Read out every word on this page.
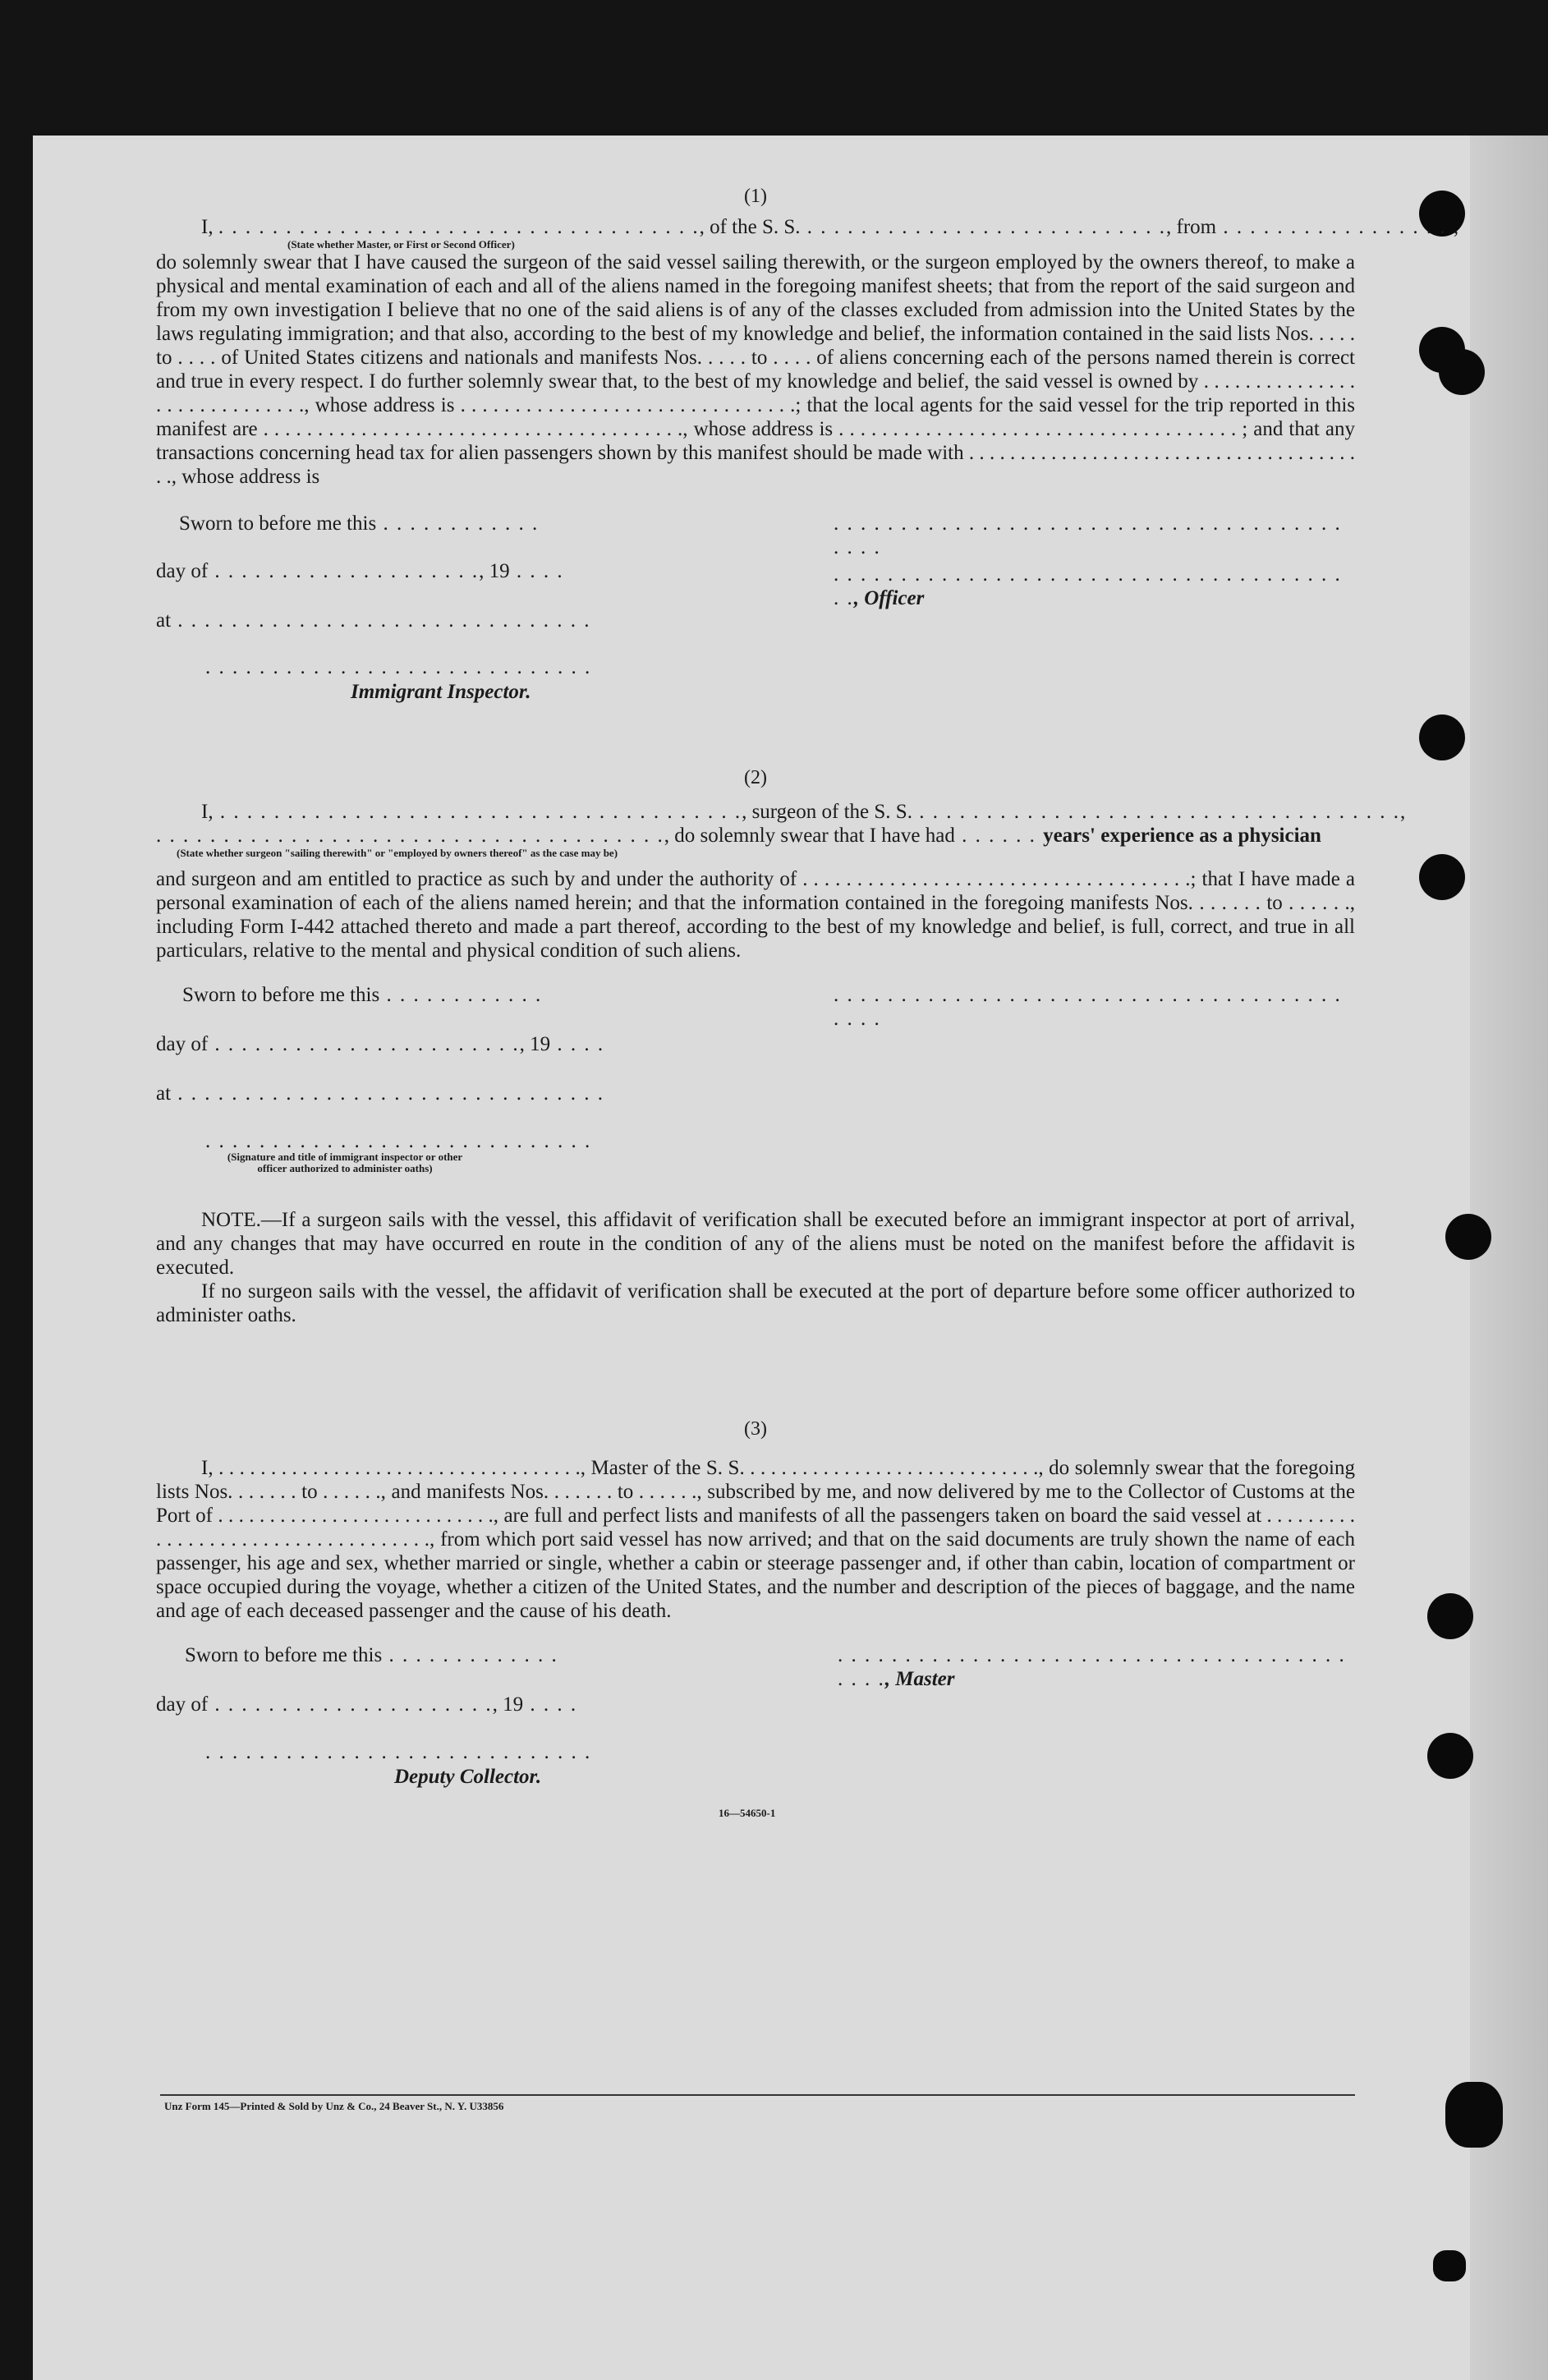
(1)
I, . . . . . . . . . . . . . . . . . . . . . . . . . . . . . . . . . . . ., of the S. S. . . . . . . . . . . . . . . . . . . . . . . . . . . ., from . . . . . . . . . . . . . . . . . ,
(State whether Master, or First or Second Officer)

do solemnly swear that I have caused the surgeon of the said vessel sailing therewith, or the surgeon employed by the owners thereof, to make a physical and mental examination of each and all of the aliens named in the foregoing manifest sheets; that from the report of the said surgeon and from my own investigation I believe that no one of the said aliens is of any of the classes excluded from admission into the United States by the laws regulating immigration; and that also, according to the best of my knowledge and belief, the information contained in the said lists Nos. . . . . to . . . . of United States citizens and nationals and manifests Nos. . . . . to . . . . of aliens concerning each of the persons named therein is correct and true in every respect. I do further solemnly swear that, to the best of my knowledge and belief, the said vessel is owned by . . . . . . . . . . . . . . . . . . . . . . . . . . . . ., whose address is . . . . . . . . . . . . . . . . . . . . . . . . . . . . . . .; that the local agents for the said vessel for the trip reported in this manifest are . . . . . . . . . . . . . . . . . . . . . . . . . . . . . . . . . . . . . . ., whose address is . . . . . . . . . . . . . . . . . . . . . . . . . . . . . . . . . . . . . ; and that any transactions concerning head tax for alien passengers shown by this manifest should be made with . . . . . . . . . . . . . . . . . . . . . . . . . . . . . . . . . . . . . . . ., whose address is

Sworn to before me this . . . . . . . . . . . .
day of . . . . . . . . . . . . . . . . . . . ., 19 . . . .
at . . . . . . . . . . . . . . . . . . . . . . . . . . . . . . .
. . . . . . . . . . . . . . . . . . . . . . . . . . . . .
Immigrant Inspector.
. . . . . . . . . . . . . . . . . . . . . . . . . . . . . . . . . . . . . . . . . .
. . . . . . . . . . . . . . . . . . . . . . . . . . . . . . . . . . . . . . . ., Officer
(2)
I, . . . . . . . . . . . . . . . . . . . . . . . . . . . . . . . . . . . . . . ., surgeon of the S. S. . . . . . . . . . . . . . . . . . . . . . . . . . . . . . . . . . . . .,
. . . . . . . . . . . . . . . . . . . . . . . . . . . . . . . . . . . . . ., do solemnly swear that I have had . . . . . . years' experience as a physician
(State whether surgeon "sailing therewith" or "employed by owners thereof" as the case may be)

and surgeon and am entitled to practice as such by and under the authority of . . . . . . . . . . . . . . . . . . . . . . . . . . . . . . . . . . . .; that I have made a personal examination of each of the aliens named herein; and that the information contained in the foregoing manifests Nos. . . . . . . to . . . . . ., including Form I-442 attached thereto and made a part thereof, according to the best of my knowledge and belief, is full, correct, and true in all particulars, relative to the mental and physical condition of such aliens.

Sworn to before me this . . . . . . . . . . . .	. . . . . . . . . . . . . . . . . . . . . . . . . . . . . . . . . . . . . . . . . .
day of . . . . . . . . . . . . . . . . . . . . . . ., 19 . . . .
at . . . . . . . . . . . . . . . . . . . . . . . . . . . . . . . .
. . . . . . . . . . . . . . . . . . . . . . . . . . . . .
(Signature and title of immigrant inspector or other officer authorized to administer oaths)

NOTE.—If a surgeon sails with the vessel, this affidavit of verification shall be executed before an immigrant inspector at port of arrival, and any changes that may have occurred en route in the condition of any of the aliens must be noted on the manifest before the affidavit is executed.

If no surgeon sails with the vessel, the affidavit of verification shall be executed at the port of departure before some officer authorized to administer oaths.

(3)

I, . . . . . . . . . . . . . . . . . . . . . . . . . . . . . . . . . . ., Master of the S. S. . . . . . . . . . . . . . . . . . . . . . . . . . . . ., do solemnly swear that the foregoing lists Nos. . . . . . . to . . . . . ., and manifests Nos. . . . . . . to . . . . . ., subscribed by me, and now delivered by me to the Collector of Customs at the Port of . . . . . . . . . . . . . . . . . . . . . . . . . . ., are full and perfect lists and manifests of all the passengers taken on board the said vessel at . . . . . . . . . . . . . . . . . . . . . . . . . . . . . . . . . . ., from which port said vessel has now arrived; and that on the said documents are truly shown the name of each passenger, his age and sex, whether married or single, whether a cabin or steerage passenger and, if other than cabin, location of compartment or space occupied during the voyage, whether a citizen of the United States, and the number and description of the pieces of baggage, and the name and age of each deceased passenger and the cause of his death.

Sworn to before me this . . . . . . . . . . . . .	. . . . . . . . . . . . . . . . . . . . . . . . . . . . . . . . . . . . . . . . . ., Master
day of . . . . . . . . . . . . . . . . . . . . ., 19 . . . .
. . . . . . . . . . . . . . . . . . . . . . . . . . . . .
Deputy Collector.
16—54650-1
Unz Form 145—Printed & Sold by Unz & Co., 24 Beaver St., N. Y. U33856
